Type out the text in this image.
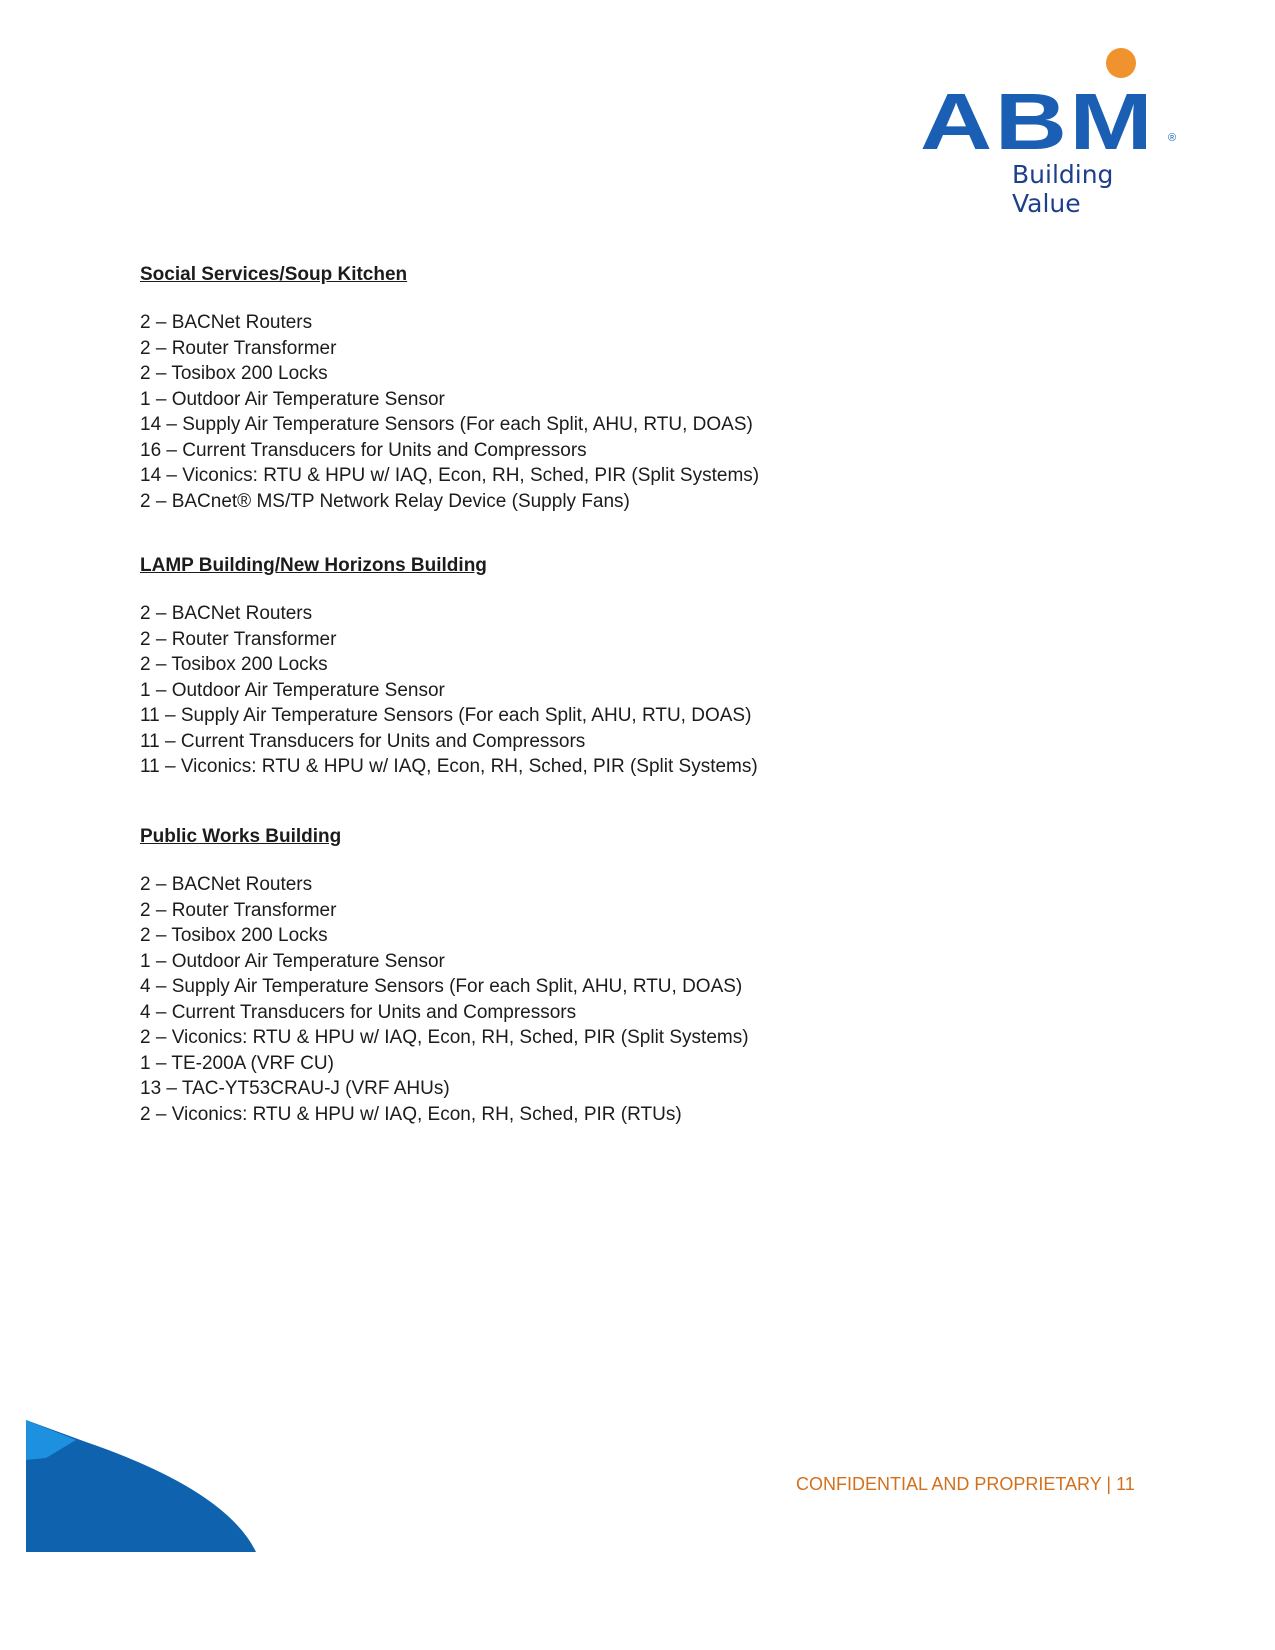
ABM ®
Building Value
Social Services/Soup Kitchen
2 – BACNet Routers
2 – Router Transformer
2 – Tosibox 200 Locks
1 – Outdoor Air Temperature Sensor
14 – Supply Air Temperature Sensors (For each Split, AHU, RTU, DOAS)
16 – Current Transducers for Units and Compressors
14 – Viconics: RTU & HPU w/ IAQ, Econ, RH, Sched, PIR (Split Systems)
2 – BACnet® MS/TP Network Relay Device (Supply Fans)
LAMP Building/New Horizons Building
2 – BACNet Routers
2 – Router Transformer
2 – Tosibox 200 Locks
1 – Outdoor Air Temperature Sensor
11 – Supply Air Temperature Sensors (For each Split, AHU, RTU, DOAS)
11 – Current Transducers for Units and Compressors
11 – Viconics: RTU & HPU w/ IAQ, Econ, RH, Sched, PIR (Split Systems)
Public Works Building
2 – BACNet Routers
2 – Router Transformer
2 – Tosibox 200 Locks
1 – Outdoor Air Temperature Sensor
4 – Supply Air Temperature Sensors (For each Split, AHU, RTU, DOAS)
4 – Current Transducers for Units and Compressors
2 – Viconics: RTU & HPU w/ IAQ, Econ, RH, Sched, PIR (Split Systems)
1 – TE-200A (VRF CU)
13 – TAC-YT53CRAU-J (VRF AHUs)
2 – Viconics: RTU & HPU w/ IAQ, Econ, RH, Sched, PIR (RTUs)
CONFIDENTIAL AND PROPRIETARY | 11
